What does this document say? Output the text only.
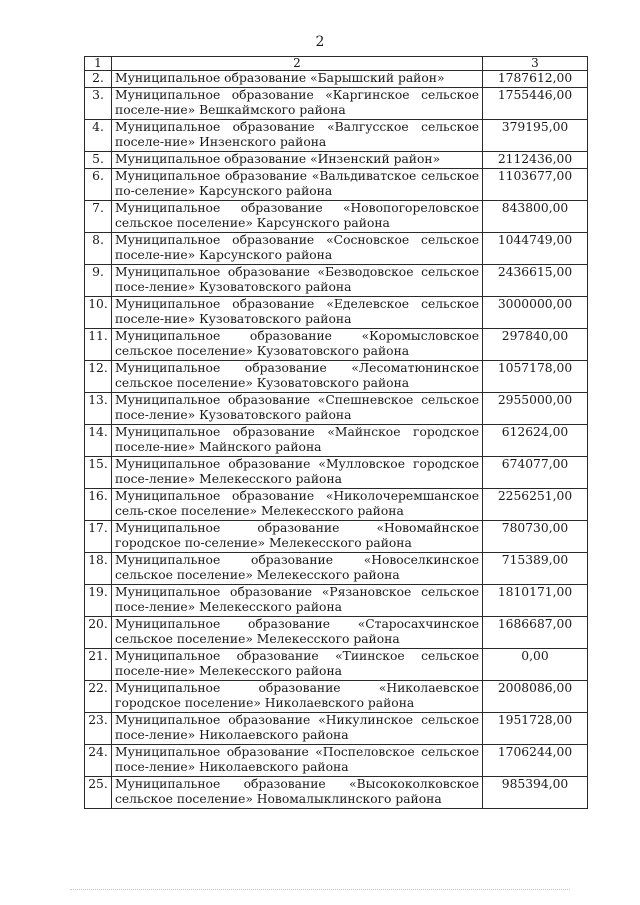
2
1	2	3
2.	Муниципальное образование «Барышский район»	1787612,00
3.	Муниципальное образование «Каргинское сельское поселе-ние» Вешкаймского района	1755446,00
4.	Муниципальное образование «Валгусское сельское поселе-ние» Инзенского района	379195,00
5.	Муниципальное образование «Инзенский район»	2112436,00
6.	Муниципальное образование «Вальдиватское сельское по-селение» Карсунского района	1103677,00
7.	Муниципальное образование «Новопогореловское сельское поселение» Карсунского района	843800,00
8.	Муниципальное образование «Сосновское сельское поселе-ние» Карсунского района	1044749,00
9.	Муниципальное образование «Безводовское сельское посе-ление» Кузоватовского района	2436615,00
10.	Муниципальное образование «Еделевское сельское поселе-ние» Кузоватовского района	3000000,00
11.	Муниципальное образование «Коромысловское сельское поселение» Кузоватовского района	297840,00
12.	Муниципальное образование «Лесоматюнинское сельское поселение» Кузоватовского района	1057178,00
13.	Муниципальное образование «Спешневское сельское посе-ление» Кузоватовского района	2955000,00
14.	Муниципальное образование «Майнское городское поселе-ние» Майнского района	612624,00
15.	Муниципальное образование «Мулловское городское посе-ление» Мелекесского района	674077,00
16.	Муниципальное образование «Николочеремшанское сель-ское поселение» Мелекесского района	2256251,00
17.	Муниципальное образование «Новомайнское городское по-селение» Мелекесского района	780730,00
18.	Муниципальное образование «Новоселкинское сельское поселение» Мелекесского района	715389,00
19.	Муниципальное образование «Рязановское сельское посе-ление» Мелекесского района	1810171,00
20.	Муниципальное образование «Старосахчинское сельское поселение» Мелекесского района	1686687,00
21.	Муниципальное образование «Тиинское сельское поселе-ние» Мелекесского района	0,00
22.	Муниципальное образование «Николаевское городское поселение» Николаевского района	2008086,00
23.	Муниципальное образование «Никулинское сельское посе-ление» Николаевского района	1951728,00
24.	Муниципальное образование «Поспеловское сельское посе-ление» Николаевского района	1706244,00
25.	Муниципальное образование «Высококолковское сельское поселение» Новомалыклинского района	985394,00
